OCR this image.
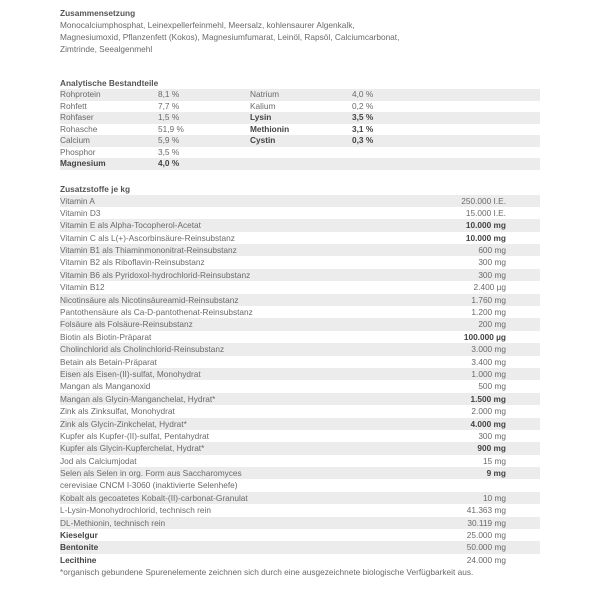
Zusammensetzung
Monocalciumphosphat, Leinexpellerfeinmehl, Meersalz, kohlensaurer Algenkalk,
Magnesiumoxid, Pflanzenfett (Kokos), Magnesiumfumarat, Leinöl, Rapsöl, Calciumcarbonat,
Zimtrinde, Seealgenmehl
Analytische Bestandteile
Rohprotein	8,1 %	Natrium	4,0 %
Rohfett	7,7 %	Kalium	0,2 %
Rohfaser	1,5 %	Lysin	3,5 %
Rohasche	51,9 %	Methionin	3,1 %
Calcium	5,9 %	Cystin	0,3 %
Phosphor	3,5 %
Magnesium	4,0 %
Zusatzstoffe je kg
Vitamin A	250.000 I.E.
Vitamin D3	15.000 I.E.
Vitamin E als Alpha-Tocopherol-Acetat	10.000 mg
Vitamin C als L(+)-Ascorbinsäure-Reinsubstanz	10.000 mg
Vitamin B1 als Thiaminmononitrat-Reinsubstanz	600 mg
Vitamin B2 als Riboflavin-Reinsubstanz	300 mg
Vitamin B6 als Pyridoxol-hydrochlorid-Reinsubstanz	300 mg
Vitamin B12	2.400 µg
Nicotinsäure als Nicotinsäureamid-Reinsubstanz	1.760 mg
Pantothensäure als Ca-D-pantothenat-Reinsubstanz	1.200 mg
Folsäure als Folsäure-Reinsubstanz	200 mg
Biotin als Biotin-Präparat	100.000 µg
Cholinchlorid als Cholinchlorid-Reinsubstanz	3.000 mg
Betain als Betain-Präparat	3.400 mg
Eisen als Eisen-(II)-sulfat, Monohydrat	1.000 mg
Mangan als Manganoxid	500 mg
Mangan als Glycin-Manganchelat, Hydrat*	1.500 mg
Zink als Zinksulfat, Monohydrat	2.000 mg
Zink als Glycin-Zinkchelat, Hydrat*	4.000 mg
Kupfer als Kupfer-(II)-sulfat, Pentahydrat	300 mg
Kupfer als Glycin-Kupferchelat, Hydrat*	900 mg
Jod als Calciumjodat	15 mg
Selen als Selen in org. Form aus Saccharomyces	9 mg
cerevisiae CNCM I-3060 (inaktivierte Selenhefe)
Kobalt als gecoatetes Kobalt-(II)-carbonat-Granulat	10 mg
L-Lysin-Monohydrochlorid, technisch rein	41.363 mg
DL-Methionin, technisch rein	30.119 mg
Kieselgur	25.000 mg
Bentonite	50.000 mg
Lecithine	24.000 mg
*organisch gebundene Spurenelemente zeichnen sich durch eine ausgezeichnete biologische Verfügbarkeit aus.
